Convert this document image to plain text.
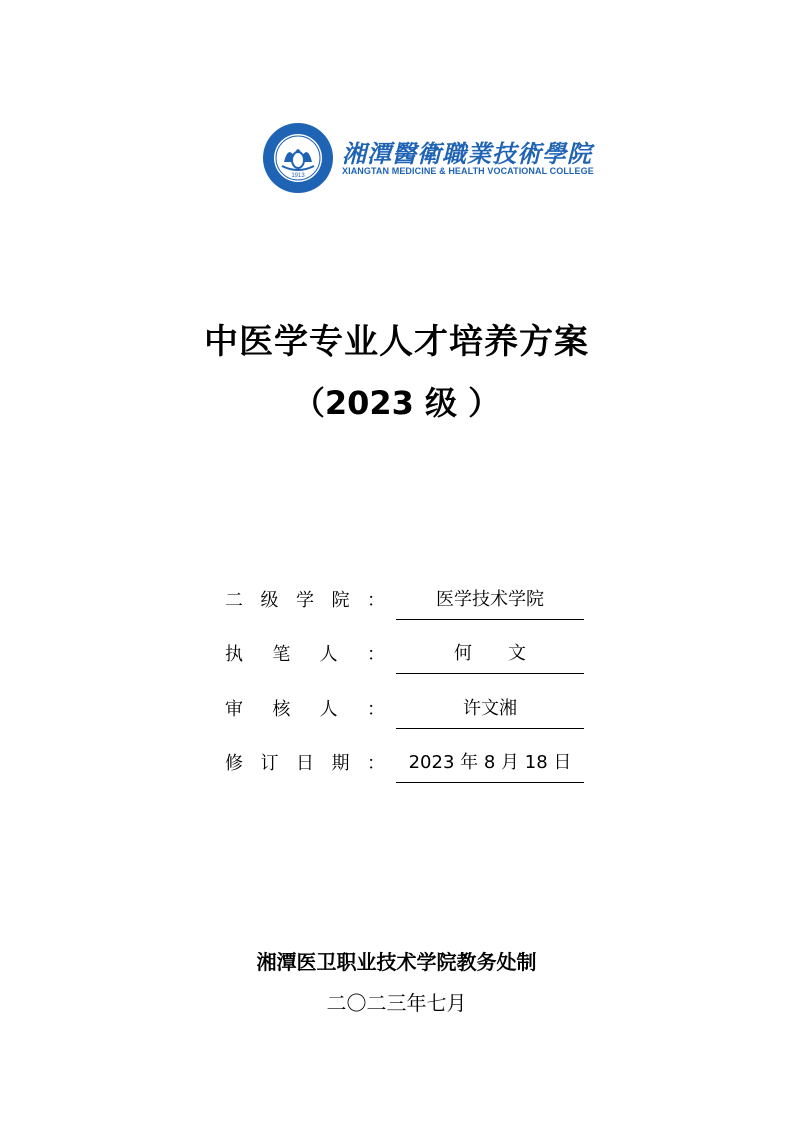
1913
湘潭醫衛職業技術學院
XIANGTAN MEDICINE & HEALTH VOCATIONAL COLLEGE
中医学专业人才培养方案
（2023 级 ）
二 级 学 院 ：	医学技术学院
执 笔 人 ：	何　　文
审 核 人 ：	许文湘
修 订 日 期 ：	2023 年 8 月 18 日
湘潭医卫职业技术学院教务处制
二〇二三年七月
